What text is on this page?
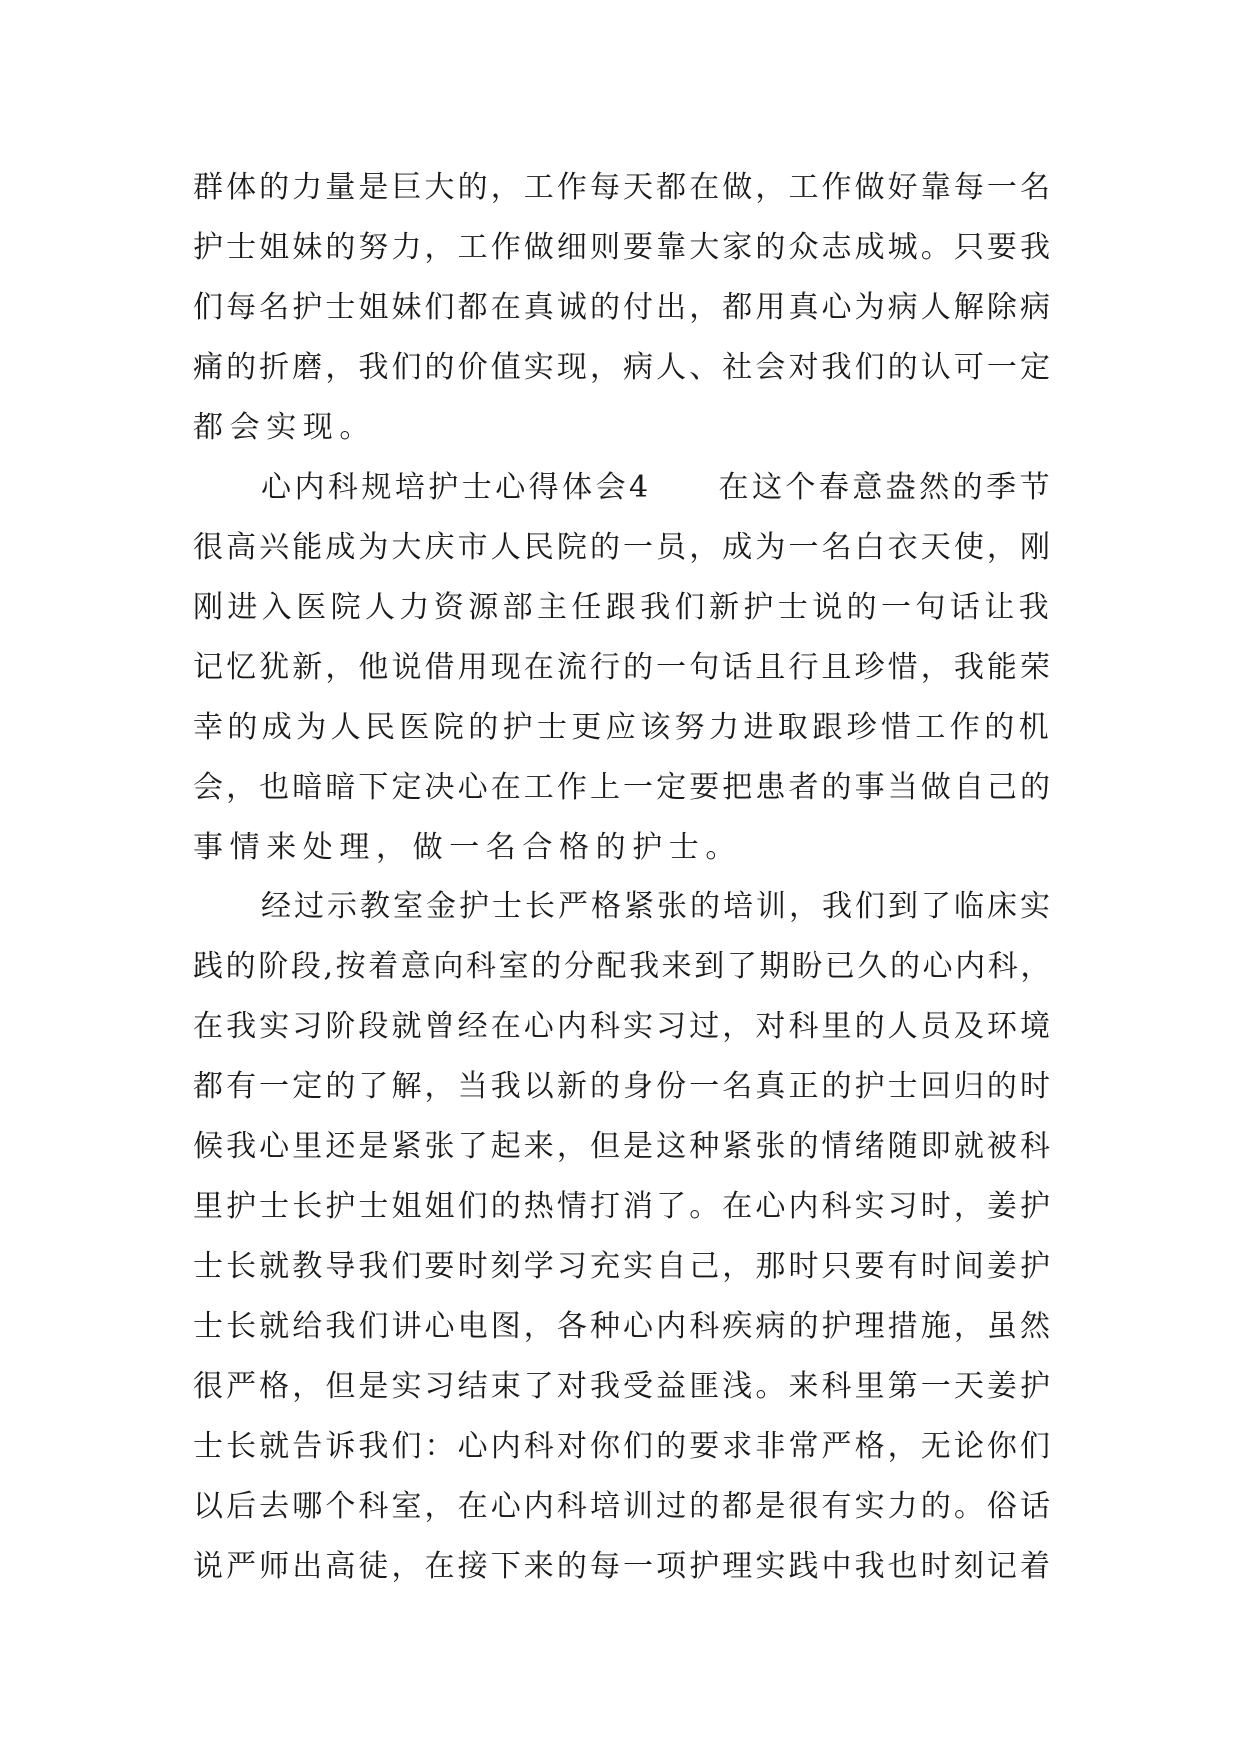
群体的力量是巨大的，工作每天都在做，工作做好靠每一名
护士姐妹的努力，工作做细则要靠大家的众志成城。只要我
们每名护士姐妹们都在真诚的付出，都用真心为病人解除病
痛的折磨，我们的价值实现，病人、社会对我们的认可一定
都会实现。
心内科规培护士心得体会4　　在这个春意盎然的季节
很高兴能成为大庆市人民院的一员，成为一名白衣天使，刚
刚进入医院人力资源部主任跟我们新护士说的一句话让我
记忆犹新，他说借用现在流行的一句话且行且珍惜，我能荣
幸的成为人民医院的护士更应该努力进取跟珍惜工作的机
会，也暗暗下定决心在工作上一定要把患者的事当做自己的
事情来处理，做一名合格的护士。
经过示教室金护士长严格紧张的培训，我们到了临床实
践的阶段,按着意向科室的分配我来到了期盼已久的心内科，
在我实习阶段就曾经在心内科实习过，对科里的人员及环境
都有一定的了解，当我以新的身份一名真正的护士回归的时
候我心里还是紧张了起来，但是这种紧张的情绪随即就被科
里护士长护士姐姐们的热情打消了。在心内科实习时，姜护
士长就教导我们要时刻学习充实自己，那时只要有时间姜护
士长就给我们讲心电图，各种心内科疾病的护理措施，虽然
很严格，但是实习结束了对我受益匪浅。来科里第一天姜护
士长就告诉我们：心内科对你们的要求非常严格，无论你们
以后去哪个科室，在心内科培训过的都是很有实力的。俗话
说严师出高徒，在接下来的每一项护理实践中我也时刻记着
